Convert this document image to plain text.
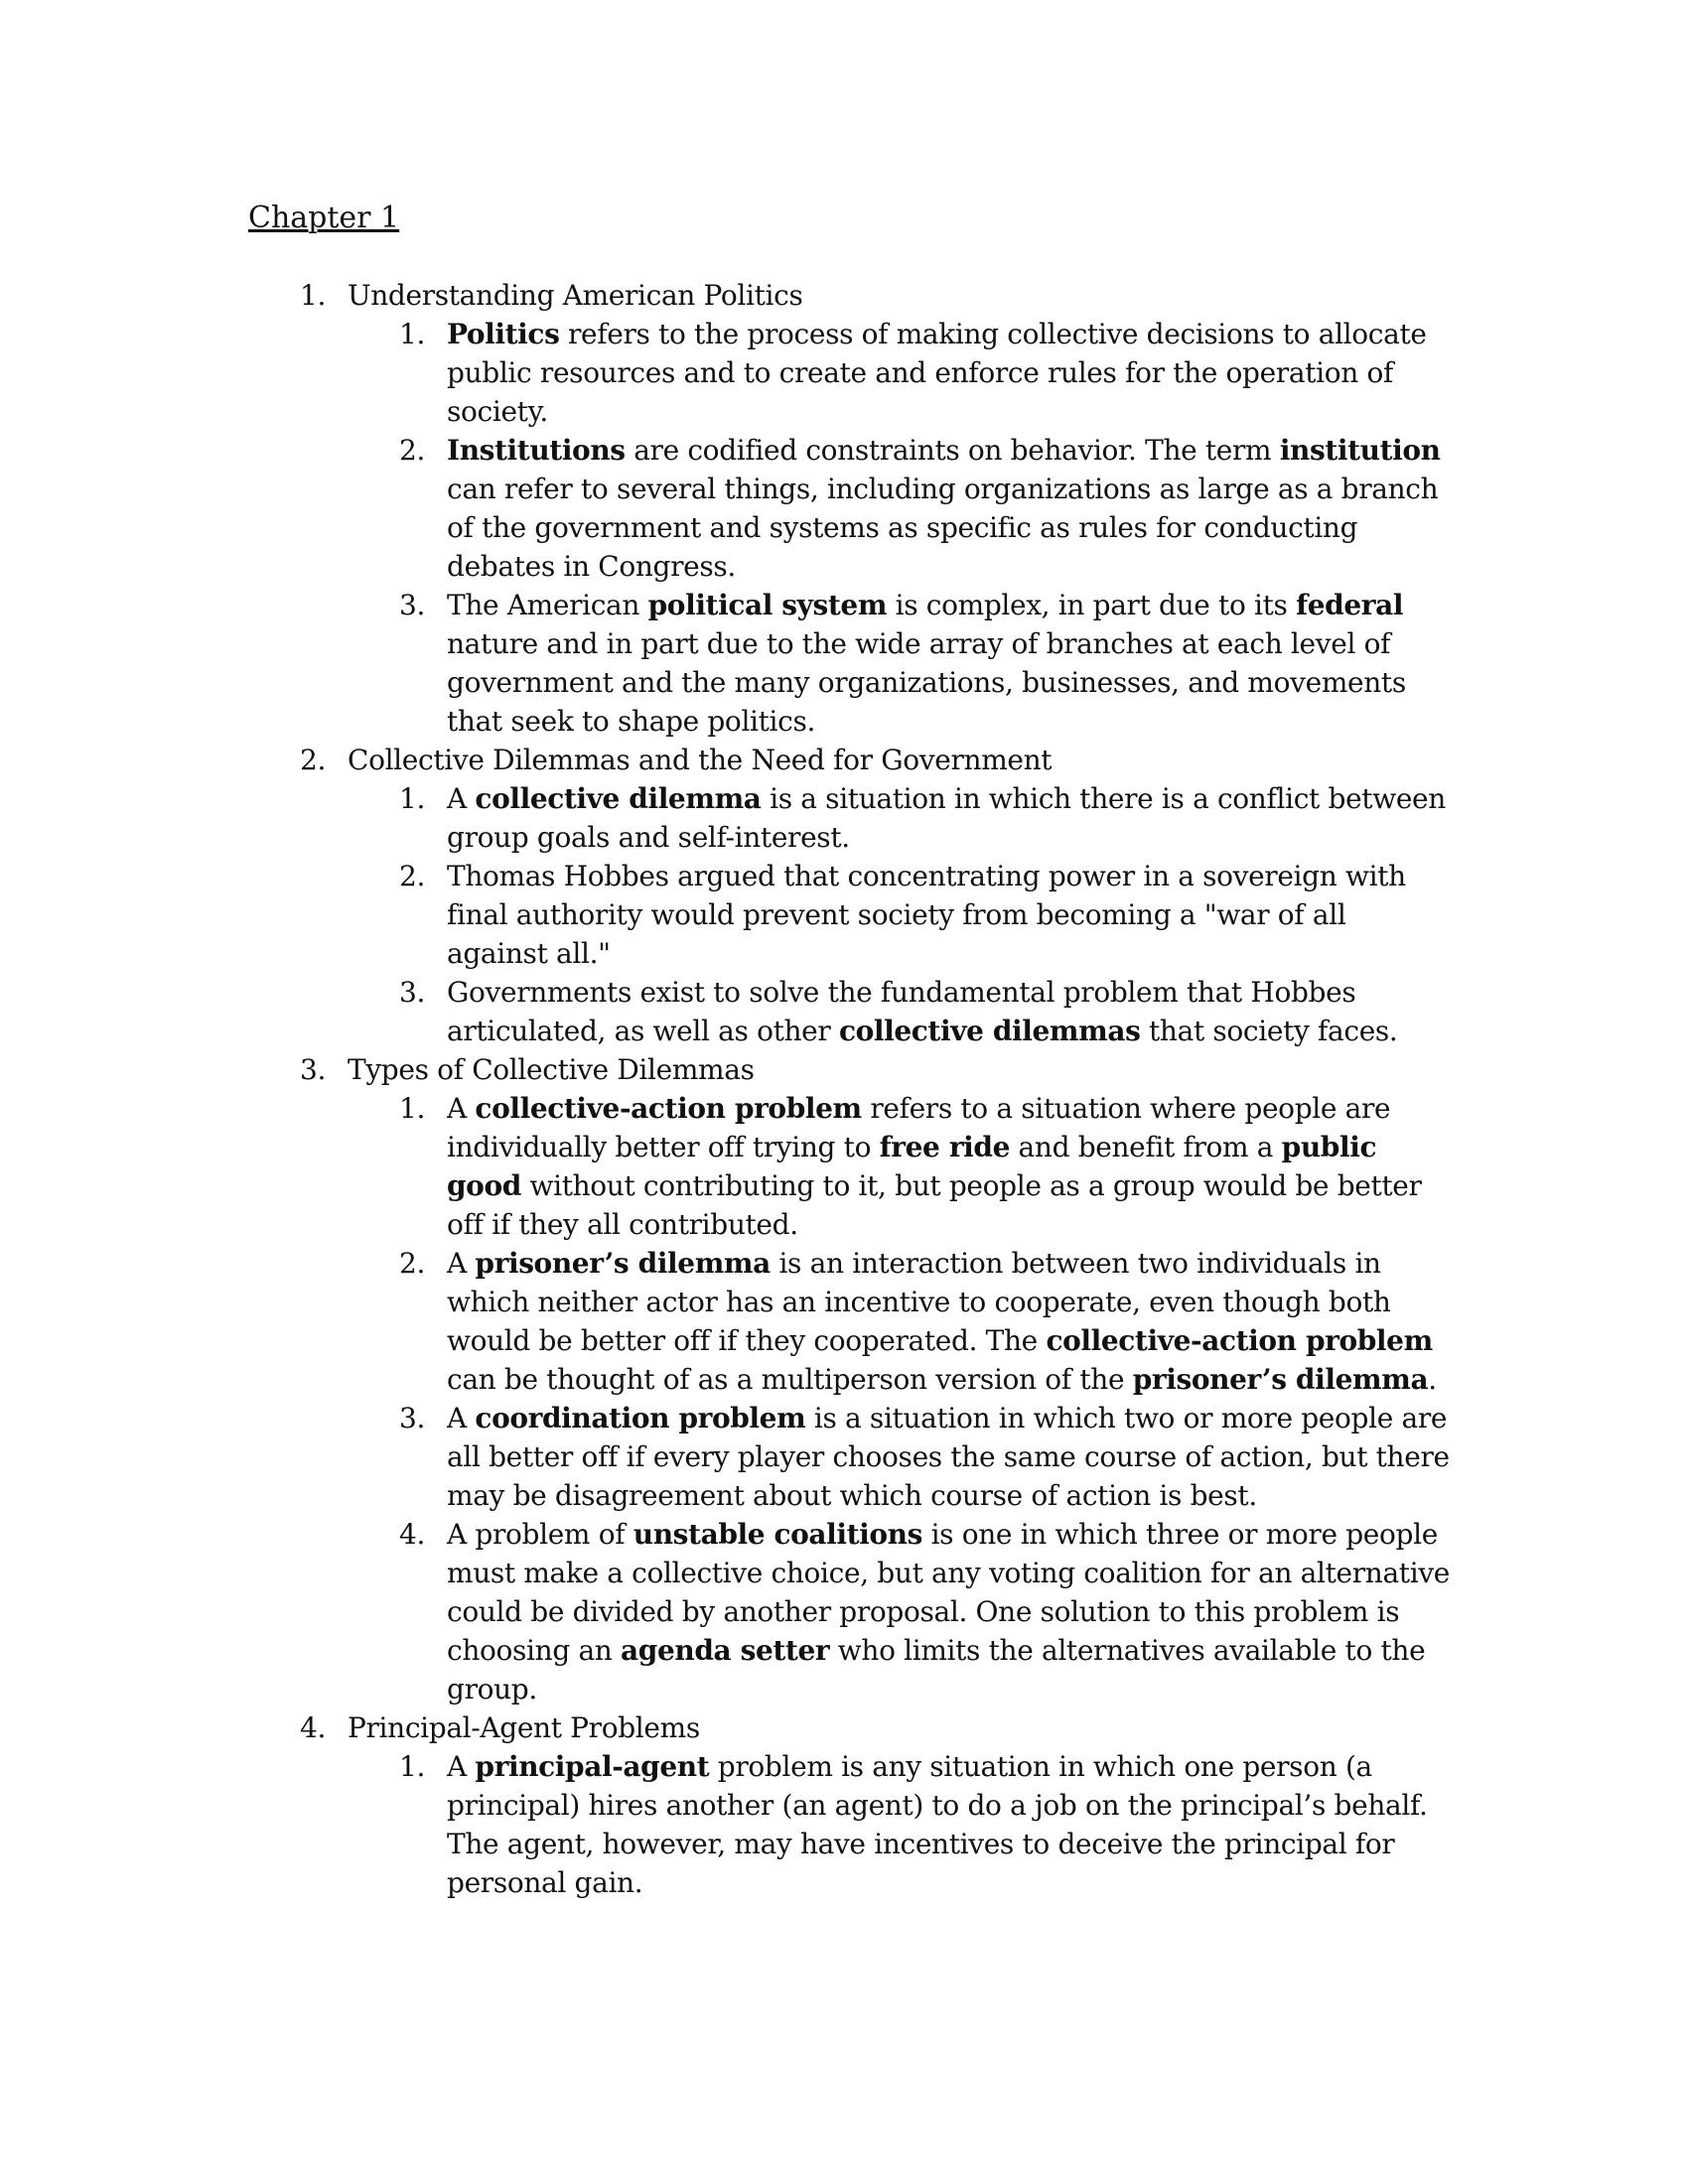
Chapter 1
1. Understanding American Politics
1. Politics refers to the process of making collective decisions to allocate public resources and to create and enforce rules for the operation of society.
2. Institutions are codified constraints on behavior. The term institution can refer to several things, including organizations as large as a branch of the government and systems as specific as rules for conducting debates in Congress.
3. The American political system is complex, in part due to its federal nature and in part due to the wide array of branches at each level of government and the many organizations, businesses, and movements that seek to shape politics.
2. Collective Dilemmas and the Need for Government
1. A collective dilemma is a situation in which there is a conflict between group goals and self-interest.
2. Thomas Hobbes argued that concentrating power in a sovereign with final authority would prevent society from becoming a "war of all against all."
3. Governments exist to solve the fundamental problem that Hobbes articulated, as well as other collective dilemmas that society faces.
3. Types of Collective Dilemmas
1. A collective-action problem refers to a situation where people are individually better off trying to free ride and benefit from a public good without contributing to it, but people as a group would be better off if they all contributed.
2. A prisoner’s dilemma is an interaction between two individuals in which neither actor has an incentive to cooperate, even though both would be better off if they cooperated. The collective-action problem can be thought of as a multiperson version of the prisoner’s dilemma.
3. A coordination problem is a situation in which two or more people are all better off if every player chooses the same course of action, but there may be disagreement about which course of action is best.
4. A problem of unstable coalitions is one in which three or more people must make a collective choice, but any voting coalition for an alternative could be divided by another proposal. One solution to this problem is choosing an agenda setter who limits the alternatives available to the group.
4. Principal-Agent Problems
1. A principal-agent problem is any situation in which one person (a principal) hires another (an agent) to do a job on the principal’s behalf. The agent, however, may have incentives to deceive the principal for personal gain.
